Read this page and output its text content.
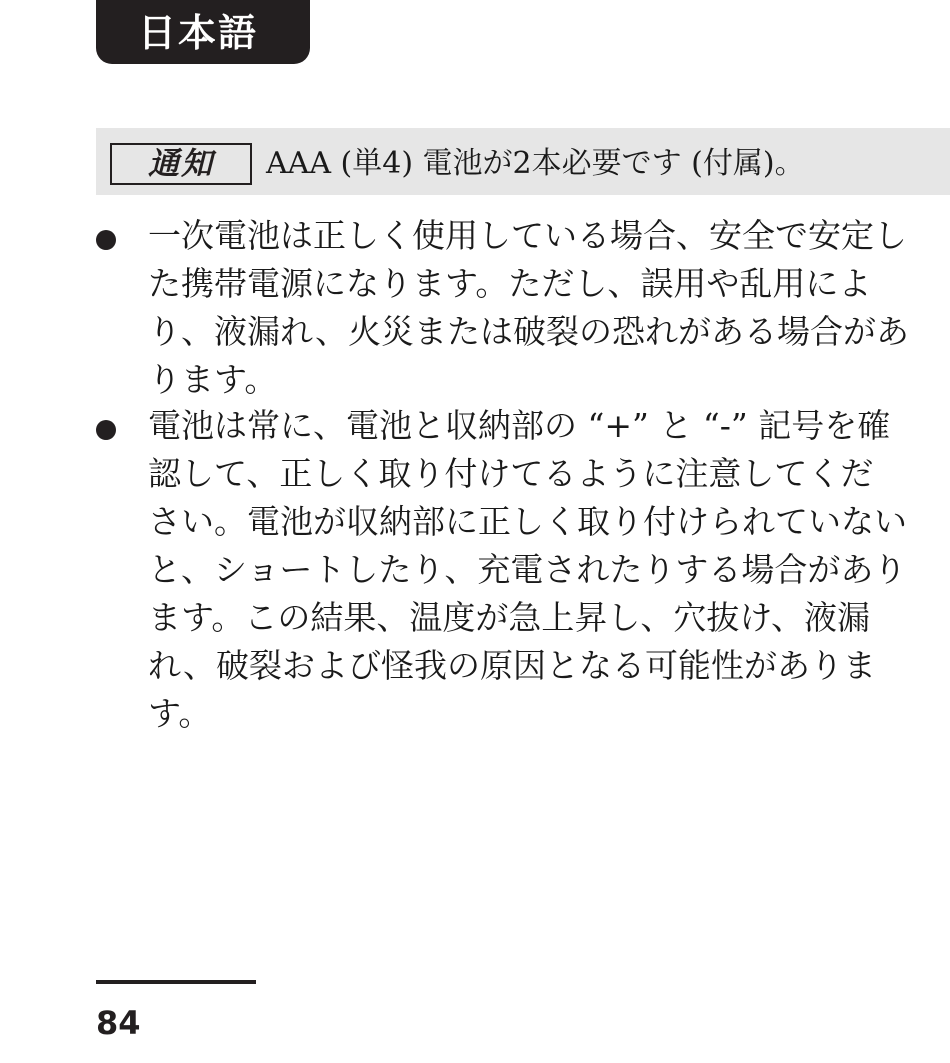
日本語
通知	AAA (単4) 電池が2本必要です (付属)。
一次電池は正しく使用している場合、安全で安定し
た携帯電源になります。ただし、誤用や乱用によ
り、液漏れ、火災または破裂の恐れがある場合があ
ります。
電池は常に、電池と収納部の “+” と “-” 記号を確
認して、正しく取り付けてるように注意してくだ
さい。電池が収納部に正しく取り付けられていない
と、ショートしたり、充電されたりする場合があり
ます。この結果、温度が急上昇し、穴抜け、液漏
れ、破裂および怪我の原因となる可能性がありま
す。
84
